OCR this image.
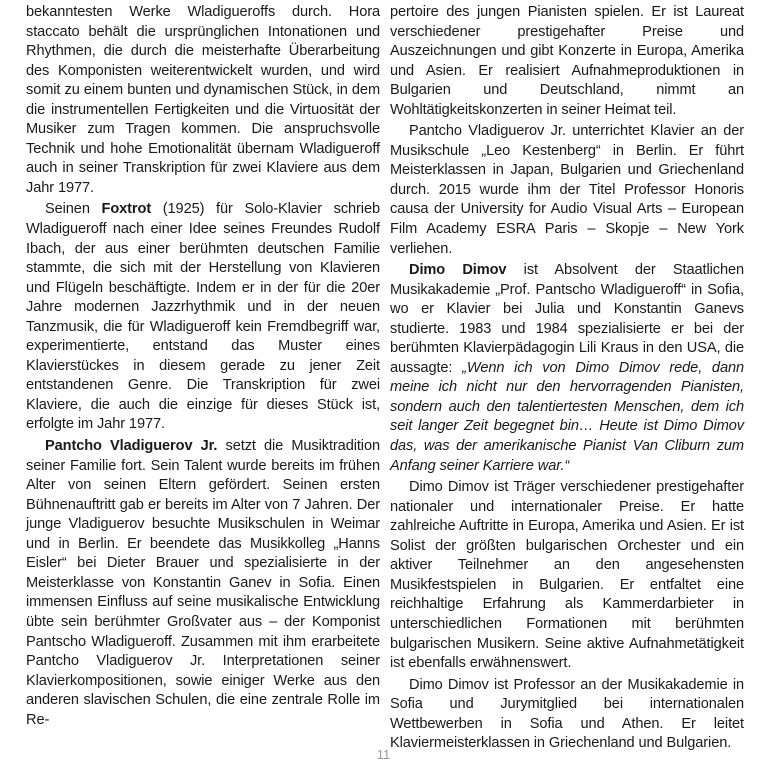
bekanntesten Werke Wladigueroffs durch. Hora staccato behält die ursprünglichen Intonationen und Rhythmen, die durch die meisterhafte Überarbeitung des Komponisten weiterentwickelt wurden, und wird somit zu einem bunten und dynamischen Stück, in dem die instrumentellen Fertigkeiten und die Virtuosität der Musiker zum Tragen kommen. Die anspruchsvolle Technik und hohe Emotionalität übernam Wladigueroff auch in seiner Transkription für zwei Klaviere aus dem Jahr 1977.

Seinen Foxtrot (1925) für Solo-Klavier schrieb Wladigueroff nach einer Idee seines Freundes Rudolf Ibach, der aus einer berühmten deutschen Familie stammte, die sich mit der Herstellung von Klavieren und Flügeln beschäftigte. Indem er in der für die 20er Jahre modernen Jazzrhythmik und in der neuen Tanzmusik, die für Wladigueroff kein Fremdbegriff war, experimentierte, entstand das Muster eines Klavierstückes in diesem gerade zu jener Zeit entstandenen Genre. Die Transkription für zwei Klaviere, die auch die einzige für dieses Stück ist, erfolgte im Jahr 1977.

Pantcho Vladiguerov Jr. setzt die Musiktradition seiner Familie fort. Sein Talent wurde bereits im frühen Alter von seinen Eltern gefördert. Seinen ersten Bühnenauftritt gab er bereits im Alter von 7 Jahren. Der junge Vladiguerov besuchte Musikschulen in Weimar und in Berlin. Er beendete das Musikkolleg „Hanns Eisler“ bei Dieter Brauer und spezialisierte in der Meisterklasse von Konstantin Ganev in Sofia. Einen immensen Einfluss auf seine musikalische Entwicklung übte sein berühmter Großvater aus – der Komponist Pantscho Wladigueroff. Zusammen mit ihm erarbeitete Pantcho Vladiguerov Jr. Interpretationen seiner Klavierkompositionen, sowie einiger Werke aus den anderen slavischen Schulen, die eine zentrale Rolle im Re-

pertoire des jungen Pianisten spielen. Er ist Laureat verschiedener prestigehafter Preise und Auszeichnungen und gibt Konzerte in Europa, Amerika und Asien. Er realisiert Aufnahmeproduktionen in Bulgarien und Deutschland, nimmt an Wohltätigkeitskonzerten in seiner Heimat teil.

Pantcho Vladiguerov Jr. unterrichtet Klavier an der Musikschule „Leo Kestenberg“ in Berlin. Er führt Meisterklassen in Japan, Bulgarien und Griechenland durch. 2015 wurde ihm der Titel Professor Honoris causa der University for Audio Visual Arts – European Film Academy ESRA Paris – Skopje – New York verliehen.

Dimo Dimov ist Absolvent der Staatlichen Musikakademie „Prof. Pantscho Wladigueroff“ in Sofia, wo er Klavier bei Julia und Konstantin Ganevs studierte. 1983 und 1984 spezialisierte er bei der berühmten Klavierpädagogin Lili Kraus in den USA, die aussagte: „Wenn ich von Dimo Dimov rede, dann meine ich nicht nur den hervorragenden Pianisten, sondern auch den talentiertesten Menschen, dem ich seit langer Zeit begegnet bin… Heute ist Dimo Dimov das, was der amerikanische Pianist Van Cliburn zum Anfang seiner Karriere war.“

Dimo Dimov ist Träger verschiedener prestigehafter nationaler und internationaler Preise. Er hatte zahlreiche Auftritte in Europa, Amerika und Asien. Er ist Solist der größten bulgarischen Orchester und ein aktiver Teilnehmer an den angesehensten Musikfestspielen in Bulgarien. Er entfaltet eine reichhaltige Erfahrung als Kammerdarbieter in unterschiedlichen Formationen mit berühmten bulgarischen Musikern. Seine aktive Aufnahmetätigkeit ist ebenfalls erwähnenswert.

Dimo Dimov ist Professor an der Musikakademie in Sofia und Jurymitglied bei internationalen Wettbewerben in Sofia und Athen. Er leitet Klaviermeisterklassen in Griechenland und Bulgarien.

11
